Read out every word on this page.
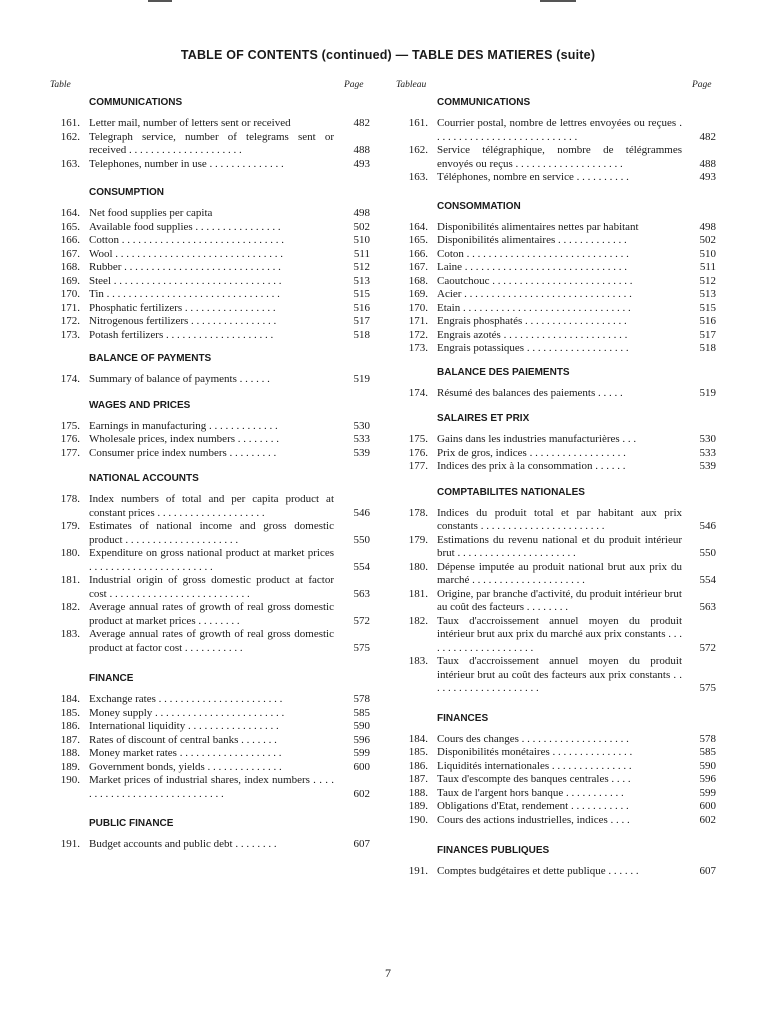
TABLE OF CONTENTS (continued) — TABLE DES MATIERES (suite)
Table	Page	Tableau	Page
COMMUNICATIONS
161. Letter mail, number of letters sent or received	482
162. Telegraph service, number of telegrams sent or received . . . . . . . . . . . . . . . . . . . . .	488
163. Telephones, number in use . . . . . . . . . . . . . .	493
CONSUMPTION
164. Net food supplies per capita	498
165. Available food supplies . . . . . . . . . . . . . . . .	502
166. Cotton . . . . . . . . . . . . . . . . . . . . . . . . . . . . . .	510
167. Wool . . . . . . . . . . . . . . . . . . . . . . . . . . . . . . .	511
168. Rubber . . . . . . . . . . . . . . . . . . . . . . . . . . . . .	512
169. Steel . . . . . . . . . . . . . . . . . . . . . . . . . . . . . . .	513
170. Tin . . . . . . . . . . . . . . . . . . . . . . . . . . . . . . . .	515
171. Phosphatic fertilizers . . . . . . . . . . . . . . . . .	516
172. Nitrogenous fertilizers . . . . . . . . . . . . . . . .	517
173. Potash fertilizers . . . . . . . . . . . . . . . . . . . .	518
BALANCE OF PAYMENTS
174. Summary of balance of payments . . . . . .	519
WAGES AND PRICES
175. Earnings in manufacturing . . . . . . . . . . . . .	530
176. Wholesale prices, index numbers . . . . . . . .	533
177. Consumer price index numbers . . . . . . . . .	539
NATIONAL ACCOUNTS
178. Index numbers of total and per capita product at constant prices . . . . . . . . . . . . . . . . . . . .	546
179. Estimates of national income and gross domestic product . . . . . . . . . . . . . . . . . . . . .	550
180. Expenditure on gross national product at market prices . . . . . . . . . . . . . . . . . . . . . . .	554
181. Industrial origin of gross domestic product at factor cost . . . . . . . . . . . . . . . . . . . . . . . . . .	563
182. Average annual rates of growth of real gross domestic product at market prices . . . . . . . .	572
183. Average annual rates of growth of real gross domestic product at factor cost . . . . . . . . . . .	575
FINANCE
184. Exchange rates . . . . . . . . . . . . . . . . . . . . . . .	578
185. Money supply . . . . . . . . . . . . . . . . . . . . . . . .	585
186. International liquidity . . . . . . . . . . . . . . . . .	590
187. Rates of discount of central banks . . . . . . .	596
188. Money market rates . . . . . . . . . . . . . . . . . . .	599
189. Government bonds, yields . . . . . . . . . . . . . .	600
190. Market prices of industrial shares, index numbers . . . . . . . . . . . . . . . . . . . . . . . . . . . . .	602
PUBLIC FINANCE
191. Budget accounts and public debt . . . . . . . .	607
COMMUNICATIONS
161. Courrier postal, nombre de lettres envoyées ou reçues . . . . . . . . . . . . . . . . . . . . . . . . . . .	482
162. Service télégraphique, nombre de télégrammes envoyés ou reçus . . . . . . . . . . . . . . . . . . . .	488
163. Téléphones, nombre en service . . . . . . . . . .	493
CONSOMMATION
164. Disponibilités alimentaires nettes par habitant	498
165. Disponibilités alimentaires . . . . . . . . . . . . .	502
166. Coton . . . . . . . . . . . . . . . . . . . . . . . . . . . . . .	510
167. Laine . . . . . . . . . . . . . . . . . . . . . . . . . . . . . .	511
168. Caoutchouc . . . . . . . . . . . . . . . . . . . . . . . . . .	512
169. Acier . . . . . . . . . . . . . . . . . . . . . . . . . . . . . . .	513
170. Etain . . . . . . . . . . . . . . . . . . . . . . . . . . . . . . .	515
171. Engrais phosphatés . . . . . . . . . . . . . . . . . . .	516
172. Engrais azotés . . . . . . . . . . . . . . . . . . . . . . .	517
173. Engrais potassiques . . . . . . . . . . . . . . . . . . .	518
BALANCE DES PAIEMENTS
174. Résumé des balances des paiements . . . . .	519
SALAIRES ET PRIX
175. Gains dans les industries manufacturières . . .	530
176. Prix de gros, indices . . . . . . . . . . . . . . . . . .	533
177. Indices des prix à la consommation . . . . . .	539
COMPTABILITES NATIONALES
178. Indices du produit total et par habitant aux prix constants . . . . . . . . . . . . . . . . . . . . . . .	546
179. Estimations du revenu national et du produit intérieur brut . . . . . . . . . . . . . . . . . . . . . .	550
180. Dépense imputée au produit national brut aux prix du marché . . . . . . . . . . . . . . . . . . . . .	554
181. Origine, par branche d'activité, du produit intérieur brut au coût des facteurs . . . . . . . .	563
182. Taux d'accroissement annuel moyen du produit intérieur brut aux prix du marché aux prix constants . . . . . . . . . . . . . . . . . . . . .	572
183. Taux d'accroissement annuel moyen du produit intérieur brut au coût des facteurs aux prix constants . . . . . . . . . . . . . . . . . . . . .	575
FINANCES
184. Cours des changes . . . . . . . . . . . . . . . . . . . .	578
185. Disponibilités monétaires . . . . . . . . . . . . . . .	585
186. Liquidités internationales . . . . . . . . . . . . . . .	590
187. Taux d'escompte des banques centrales . . . .	596
188. Taux de l'argent hors banque . . . . . . . . . . .	599
189. Obligations d'Etat, rendement . . . . . . . . . . .	600
190. Cours des actions industrielles, indices . . . .	602
FINANCES PUBLIQUES
191. Comptes budgétaires et dette publique . . . . . .	607
7
